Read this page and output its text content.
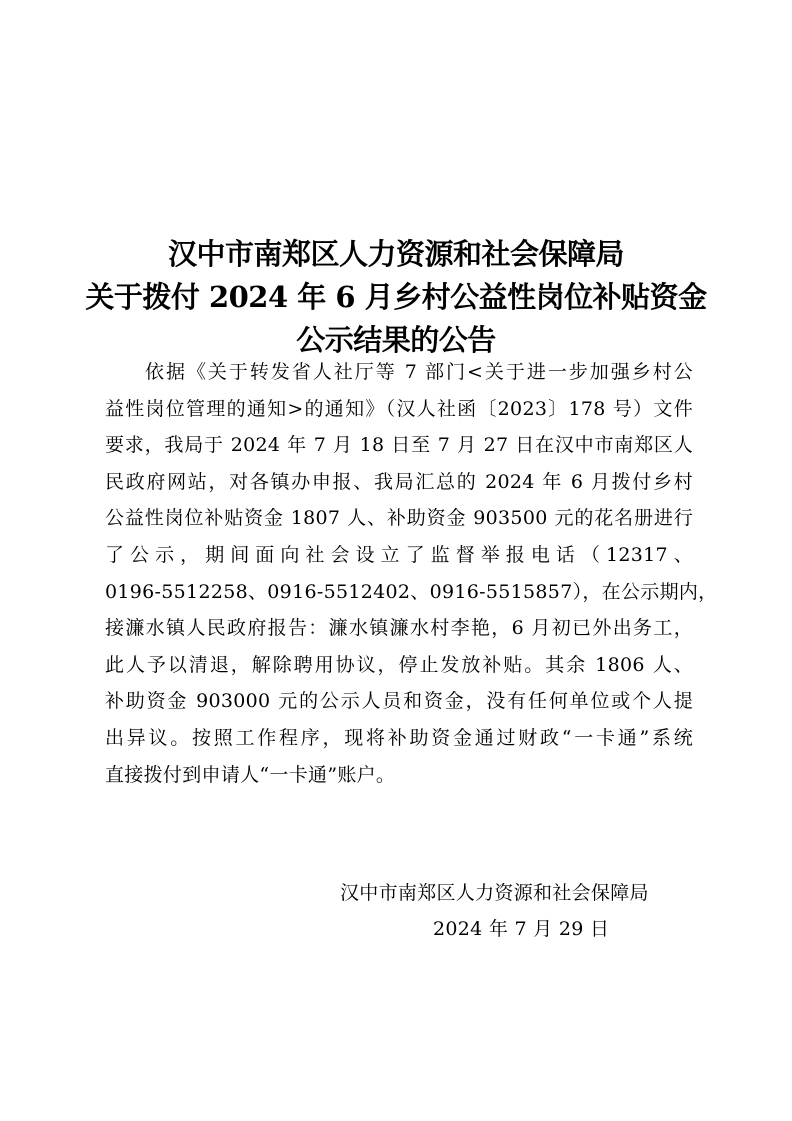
汉中市南郑区人力资源和社会保障局
关于拨付 2024 年 6 月乡村公益性岗位补贴资金
公示结果的公告
依据《关于转发省人社厅等 7 部门<关于进一步加强乡村公
益性岗位管理的通知>的通知》（汉人社函〔2023〕178 号）文件
要求，我局于 2024 年 7 月 18 日至 7 月 27 日在汉中市南郑区人
民政府网站，对各镇办申报、我局汇总的 2024 年 6 月拨付乡村
公益性岗位补贴资金 1807 人、补助资金 903500 元的花名册进行
了公示，期间面向社会设立了监督举报电话（12317、
0196-5512258、0916-5512402、0916-5515857），在公示期内，
接濂水镇人民政府报告：濂水镇濂水村李艳，6 月初已外出务工，
此人予以清退，解除聘用协议，停止发放补贴。其余 1806 人、
补助资金 903000 元的公示人员和资金，没有任何单位或个人提
出异议。按照工作程序，现将补助资金通过财政“一卡通”系统
直接拨付到申请人“一卡通”账户。
汉中市南郑区人力资源和社会保障局
2024 年 7 月 29 日
